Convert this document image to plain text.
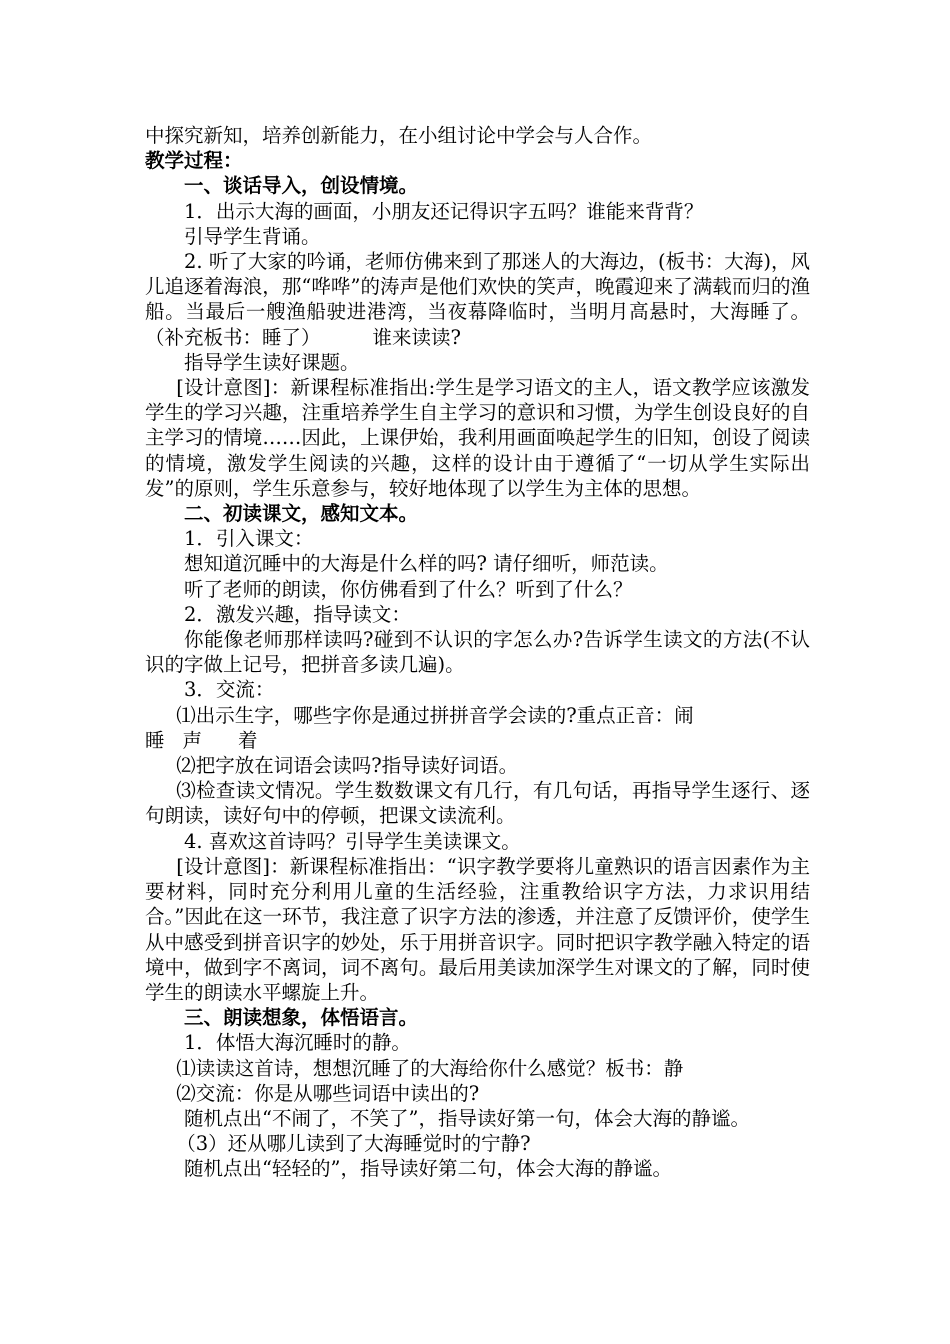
中探究新知，培养创新能力，在小组讨论中学会与人合作。

教学过程：

一、谈话导入，创设情境。

1．出示大海的画面，小朋友还记得识字五吗？谁能来背背？

引导学生背诵。

2. 听了大家的吟诵，老师仿佛来到了那迷人的大海边，(板书：大海)，风儿追逐着海浪，那“哗哗”的涛声是他们欢快的笑声，晚霞迎来了满载而归的渔船。当最后一艘渔船驶进港湾，当夜幕降临时，当明月高悬时，大海睡了。（补充板书：睡了）	谁来读读?

指导学生读好课题。

[设计意图]：新课程标准指出:学生是学习语文的主人，语文教学应该激发学生的学习兴趣，注重培养学生自主学习的意识和习惯，为学生创设良好的自主学习的情境……因此，上课伊始，我利用画面唤起学生的旧知，创设了阅读的情境，激发学生阅读的兴趣，这样的设计由于遵循了“一切从学生实际出发”的原则，学生乐意参与，较好地体现了以学生为主体的思想。

二、初读课文，感知文本。

1．引入课文：

想知道沉睡中的大海是什么样的吗? 请仔细听，师范读。

听了老师的朗读，你仿佛看到了什么？听到了什么？

2．激发兴趣，指导读文：

你能像老师那样读吗?碰到不认识的字怎么办?告诉学生读文的方法(不认识的字做上记号，把拼音多读几遍)。

3．交流：

⑴出示生字，哪些字你是通过拼拼音学会读的?重点正音：闹

睡 声 着

⑵把字放在词语会读吗?指导读好词语。

⑶检查读文情况。学生数数课文有几行，有几句话，再指导学生逐行、逐句朗读，读好句中的停顿，把课文读流利。

4. 喜欢这首诗吗？引导学生美读课文。

[设计意图]：新课程标准指出：“识字教学要将儿童熟识的语言因素作为主要材料，同时充分利用儿童的生活经验，注重教给识字方法，力求识用结合。”因此在这一环节，我注意了识字方法的渗透，并注意了反馈评价，使学生从中感受到拼音识字的妙处，乐于用拼音识字。同时把识字教学融入特定的语境中，做到字不离词，词不离句。最后用美读加深学生对课文的了解，同时使学生的朗读水平螺旋上升。

三、朗读想象，体悟语言。

1．体悟大海沉睡时的静。

⑴读读这首诗，想想沉睡了的大海给你什么感觉？板书：静

⑵交流：你是从哪些词语中读出的?

随机点出“不闹了，不笑了”，指导读好第一句，体会大海的静谧。

（3）还从哪儿读到了大海睡觉时的宁静?

随机点出“轻轻的”，指导读好第二句，体会大海的静谧。
